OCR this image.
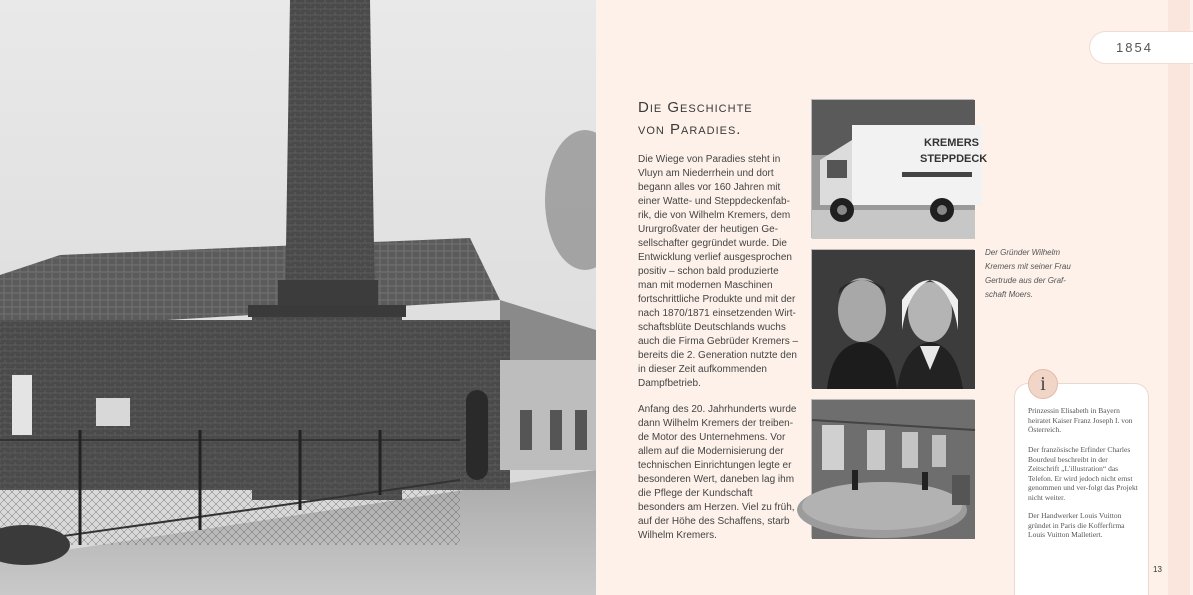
1854
Die Geschichte
von Paradies.

Die Wiege von Paradies steht in Vluyn am Niederrhein und dort begann alles vor 160 Jahren mit einer Watte- und Steppdeckenfab-rik, die von Wilhelm Kremers, dem Ururgroßvater der heutigen Ge-sellschafter gegründet wurde. Die Entwicklung verlief ausgesprochen positiv – schon bald produzierte man mit modernen Maschinen fortschrittliche Produkte und mit der nach 1870/1871 einsetzenden Wirt-schaftsblüte Deutschlands wuchs auch die Firma Gebrüder Kremers – bereits die 2. Generation nutzte den in dieser Zeit aufkommenden Dampfbetrieb.

Anfang des 20. Jahrhunderts wurde dann Wilhelm Kremers der treiben-de Motor des Unternehmens. Vor allem auf die Modernisierung der technischen Einrichtungen legte er besonderen Wert, daneben lag ihm die Pflege der Kundschaft besonders am Herzen. Viel zu früh, auf der Höhe des Schaffens, starb Wilhelm Kremers.

KREMERS
STEPPDECK
Der Gründer Wilhelm Kremers mit seiner Frau Gertrude aus der Graf-schaft Moers.
i

Prinzessin Elisabeth in Bayern heiratet Kaiser Franz Joseph I. von Österreich.

Der französische Erfinder Charles Bourdeul beschreibt in der Zeitschrift „L'illustration“ das Telefon. Er wird jedoch nicht ernst genommen und ver-folgt das Projekt nicht weiter.

Der Handwerker Louis Vuitton gründet in Paris die Kofferfirma Louis Vuitton Malletiert.

13
